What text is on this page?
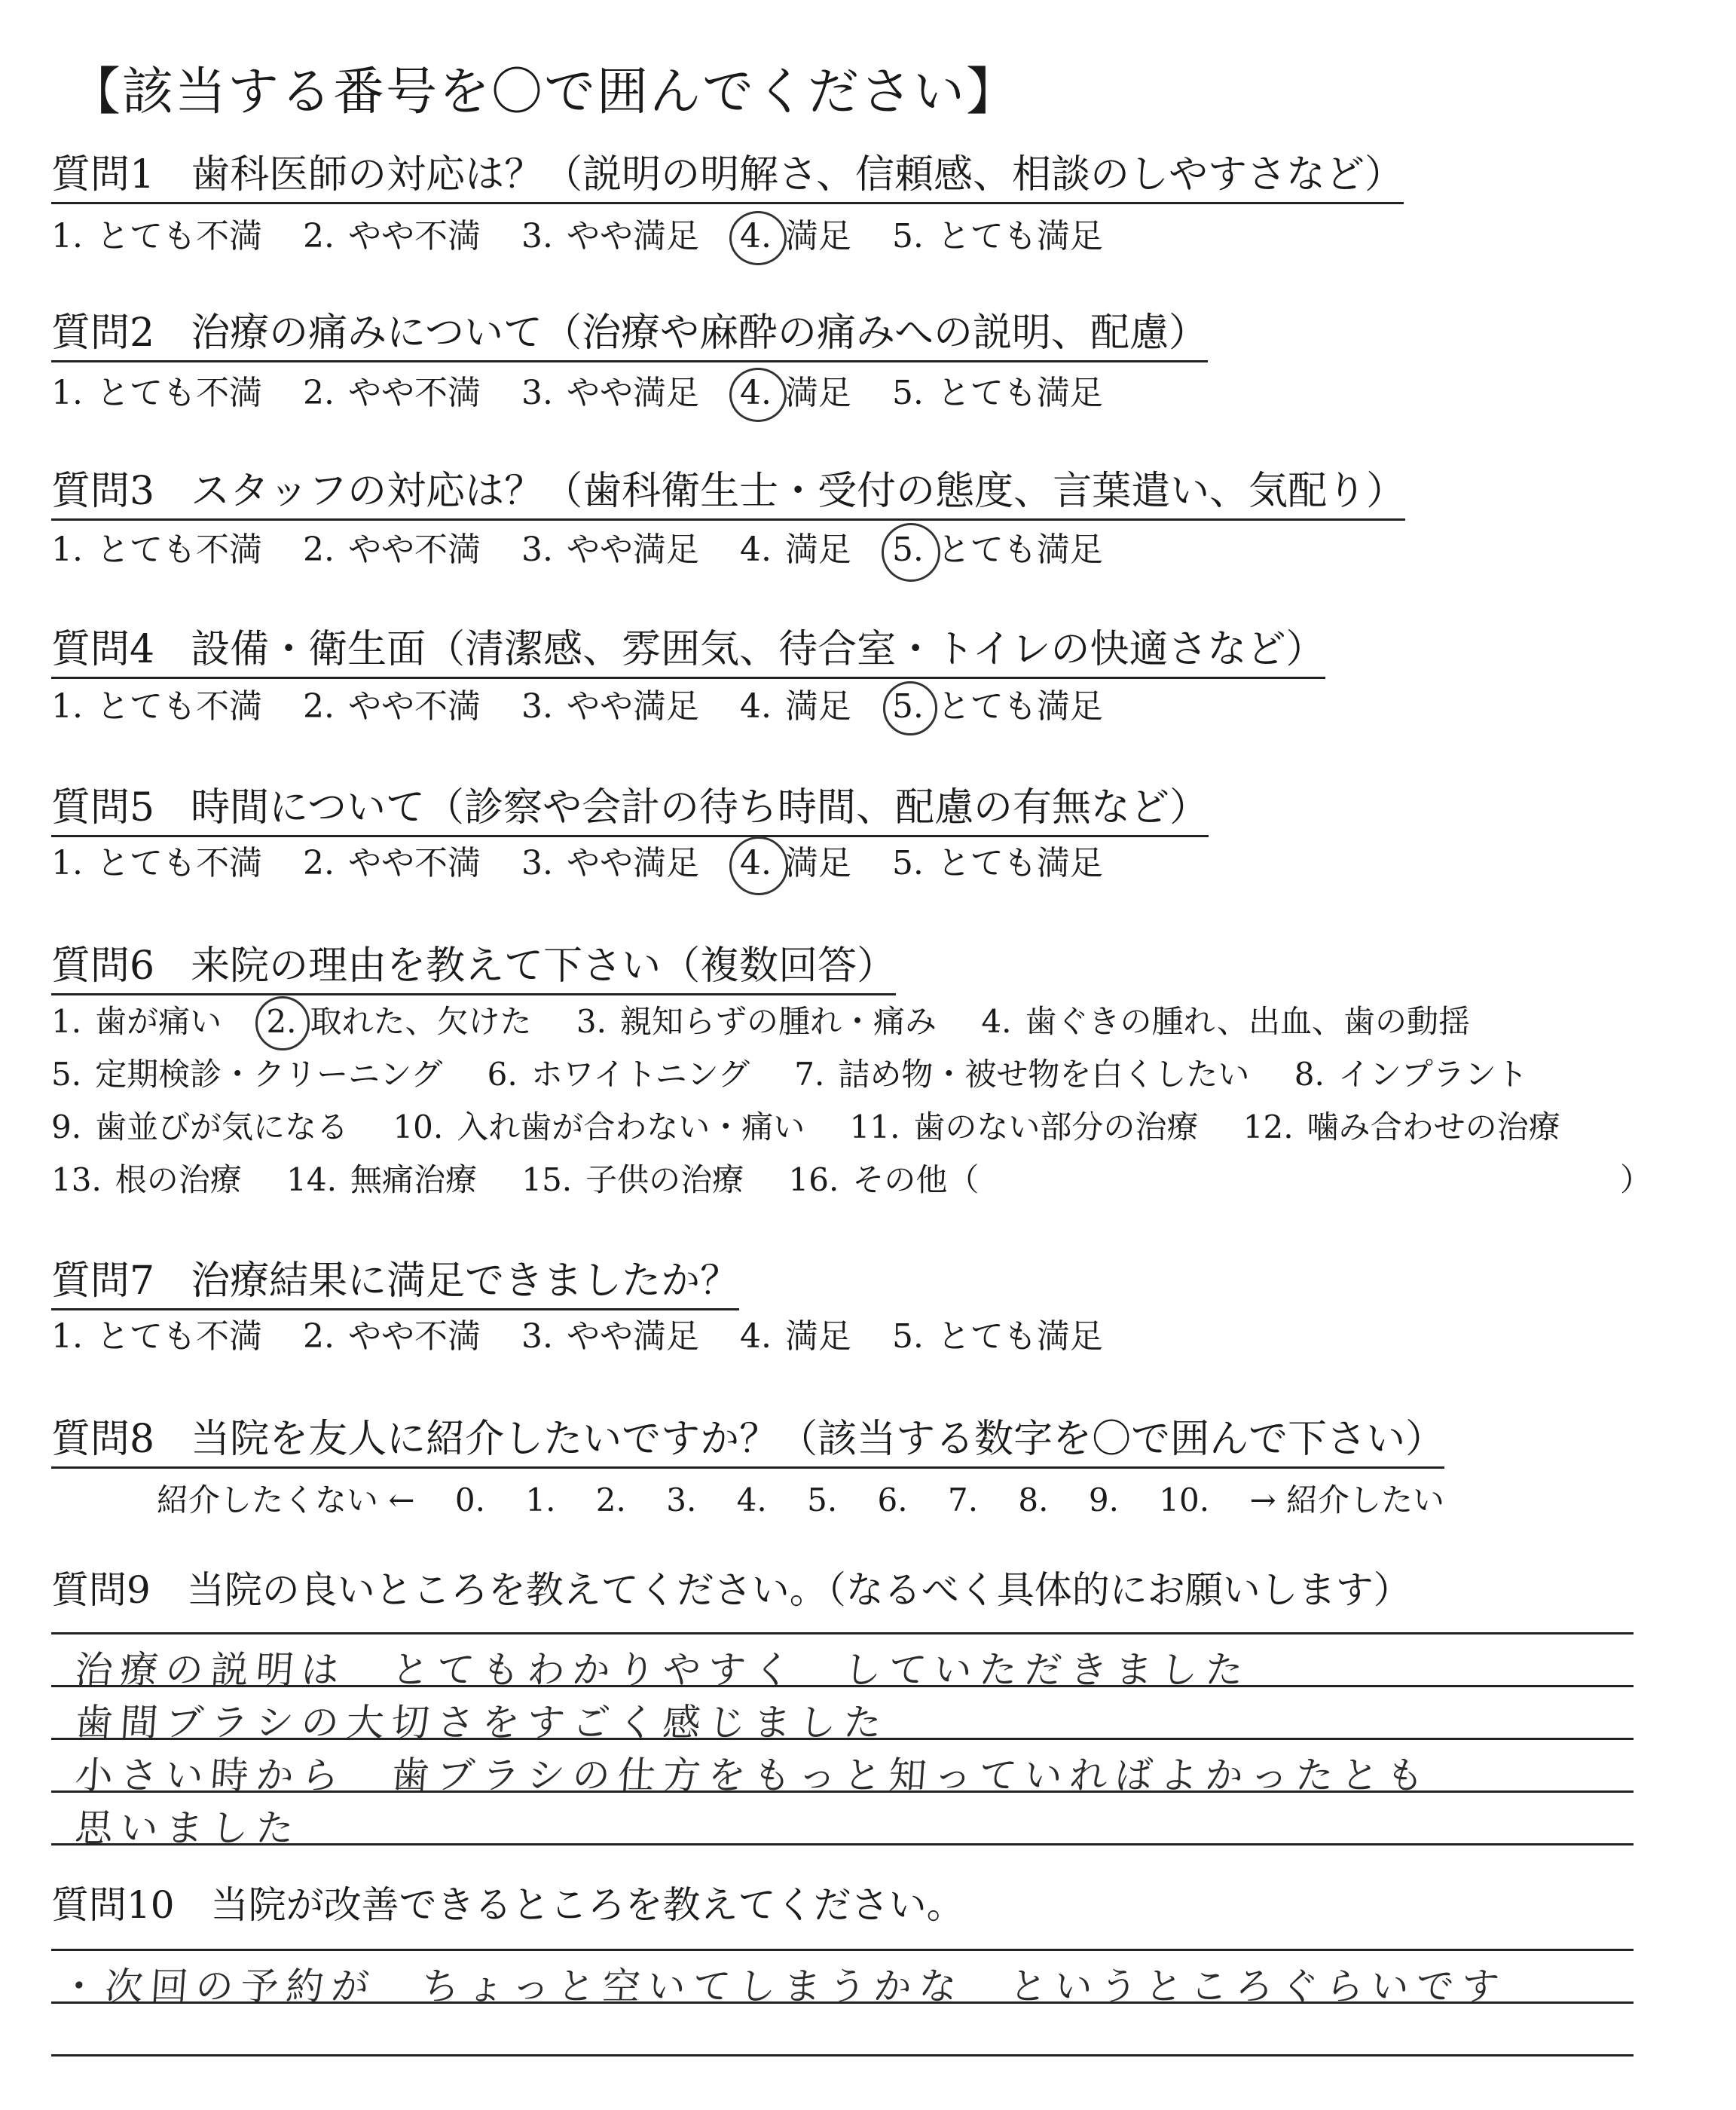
【該当する番号を〇で囲んでください】
質問1 歯科医師の対応は？（説明の明解さ、信頼感、相談のしやすさなど）
1. とても不満 2. やや不満 3. やや満足 4. 満足 5. とても満足
質問2 治療の痛みについて（治療や麻酔の痛みへの説明、配慮）
1. とても不満 2. やや不満 3. やや満足 4. 満足 5. とても満足
質問3 スタッフの対応は？（歯科衛生士・受付の態度、言葉遣い、気配り）
1. とても不満 2. やや不満 3. やや満足 4. 満足 5. とても満足
質問4 設備・衛生面（清潔感、雰囲気、待合室・トイレの快適さなど）
1. とても不満 2. やや不満 3. やや満足 4. 満足 5. とても満足
質問5 時間について（診察や会計の待ち時間、配慮の有無など）
1. とても不満 2. やや不満 3. やや満足 4. 満足 5. とても満足
質問6 来院の理由を教えて下さい（複数回答）
1. 歯が痛い 2. 取れた、欠けた 3. 親知らずの腫れ・痛み 4. 歯ぐきの腫れ、出血、歯の動揺
5. 定期検診・クリーニング 6. ホワイトニング 7. 詰め物・被せ物を白くしたい 8. インプラント
9. 歯並びが気になる 10. 入れ歯が合わない・痛い 11. 歯のない部分の治療 12. 噛み合わせの治療
13. 根の治療 14. 無痛治療 15. 子供の治療 16. その他（	）
質問7 治療結果に満足できましたか？
1. とても不満 2. やや不満 3. やや満足 4. 満足 5. とても満足
質問8 当院を友人に紹介したいですか？（該当する数字を〇で囲んで下さい）
紹介したくない ← 0. 1. 2. 3. 4. 5. 6. 7. 8. 9. 10. → 紹介したい
質問9 当院の良いところを教えてください。（なるべく具体的にお願いします）
治療の説明は　とてもわかりやすく　していただきました
歯間ブラシの大切さをすごく感じました
小さい時から　歯ブラシの仕方をもっと知っていればよかったとも
思いました
質問10 当院が改善できるところを教えてください。
・次回の予約が　ちょっと空いてしまうかな　というところぐらいです
